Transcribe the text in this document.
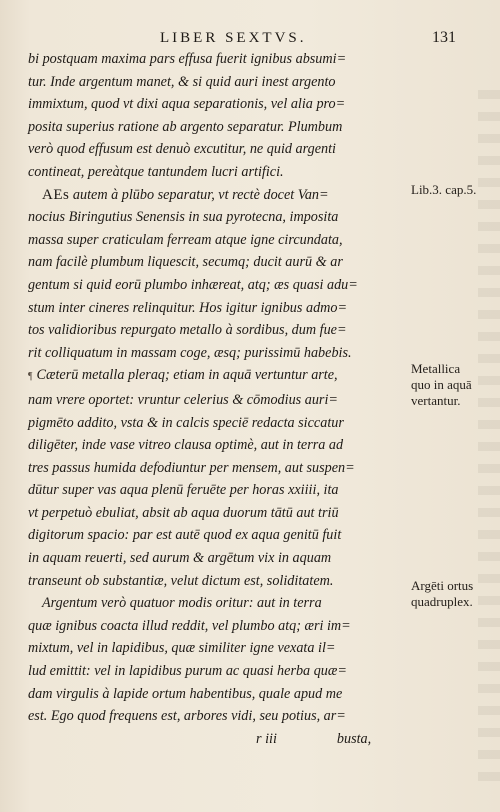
LIBER SEXTVS.	131
bi postquam maxima pars effusa fuerit ignibus absumi=
tur. Inde argentum manet, & si quid auri inest argento
immixtum, quod vt dixi aqua separationis, vel alia pro=
posita superius ratione ab argento separatur. Plumbum
verò quod effusum est denuò excutitur, ne quid argenti
contineat, pereàtque tantundem lucri artifici.
AEs autem à plūbo separatur, vt rectè docet Van=
nocius Biringutius Senensis in sua pyrotecna, imposita
massa super craticulam ferream atque igne circundata,
nam facilè plumbum liquescit, secumq; ducit aurū & ar
gentum si quid eorū plumbo inhæreat, atq; æs quasi adu=
stum inter cineres relinquitur. Hos igitur ignibus admo=
tos validioribus repurgato metallo à sordibus, dum fue=
rit colliquatum in massam coge, æsq; purissimū habebis.
¶ Cæterū metalla pleraq; etiam in aquā vertuntur arte,
nam vrere oportet: vruntur celerius & cōmodius auri=
pigmēto addito, vsta & in calcis speciē redacta siccatur
diligēter, inde vase vitreo clausa optimè, aut in terra ad
tres passus humida defodiuntur per mensem, aut suspen=
dūtur super vas aqua plenū feruēte per horas xxiiii, ita
vt perpetuò ebuliat, absit ab aqua duorum tātū aut triū
digitorum spacio: par est autē quod ex aqua genitū fuit
in aquam reuerti, sed aurum & argētum vix in aquam
transeunt ob substantiæ, velut dictum est, soliditatem.
Argentum verò quatuor modis oritur: aut in terra
quæ ignibus coacta illud reddit, vel plumbo atq; æri im=
mixtum, vel in lapidibus, quæ similiter igne vexata il=
lud emittit: vel in lapidibus purum ac quasi herba quæ=
dam virgulis à lapide ortum habentibus, quale apud me
est. Ego quod frequens est, arbores vidi, seu potius, ar=
r iii	busta,
Lib.3. cap.5.
Metallica
quo in aquā
vertantur.
Argēti ortus
quadruplex.
